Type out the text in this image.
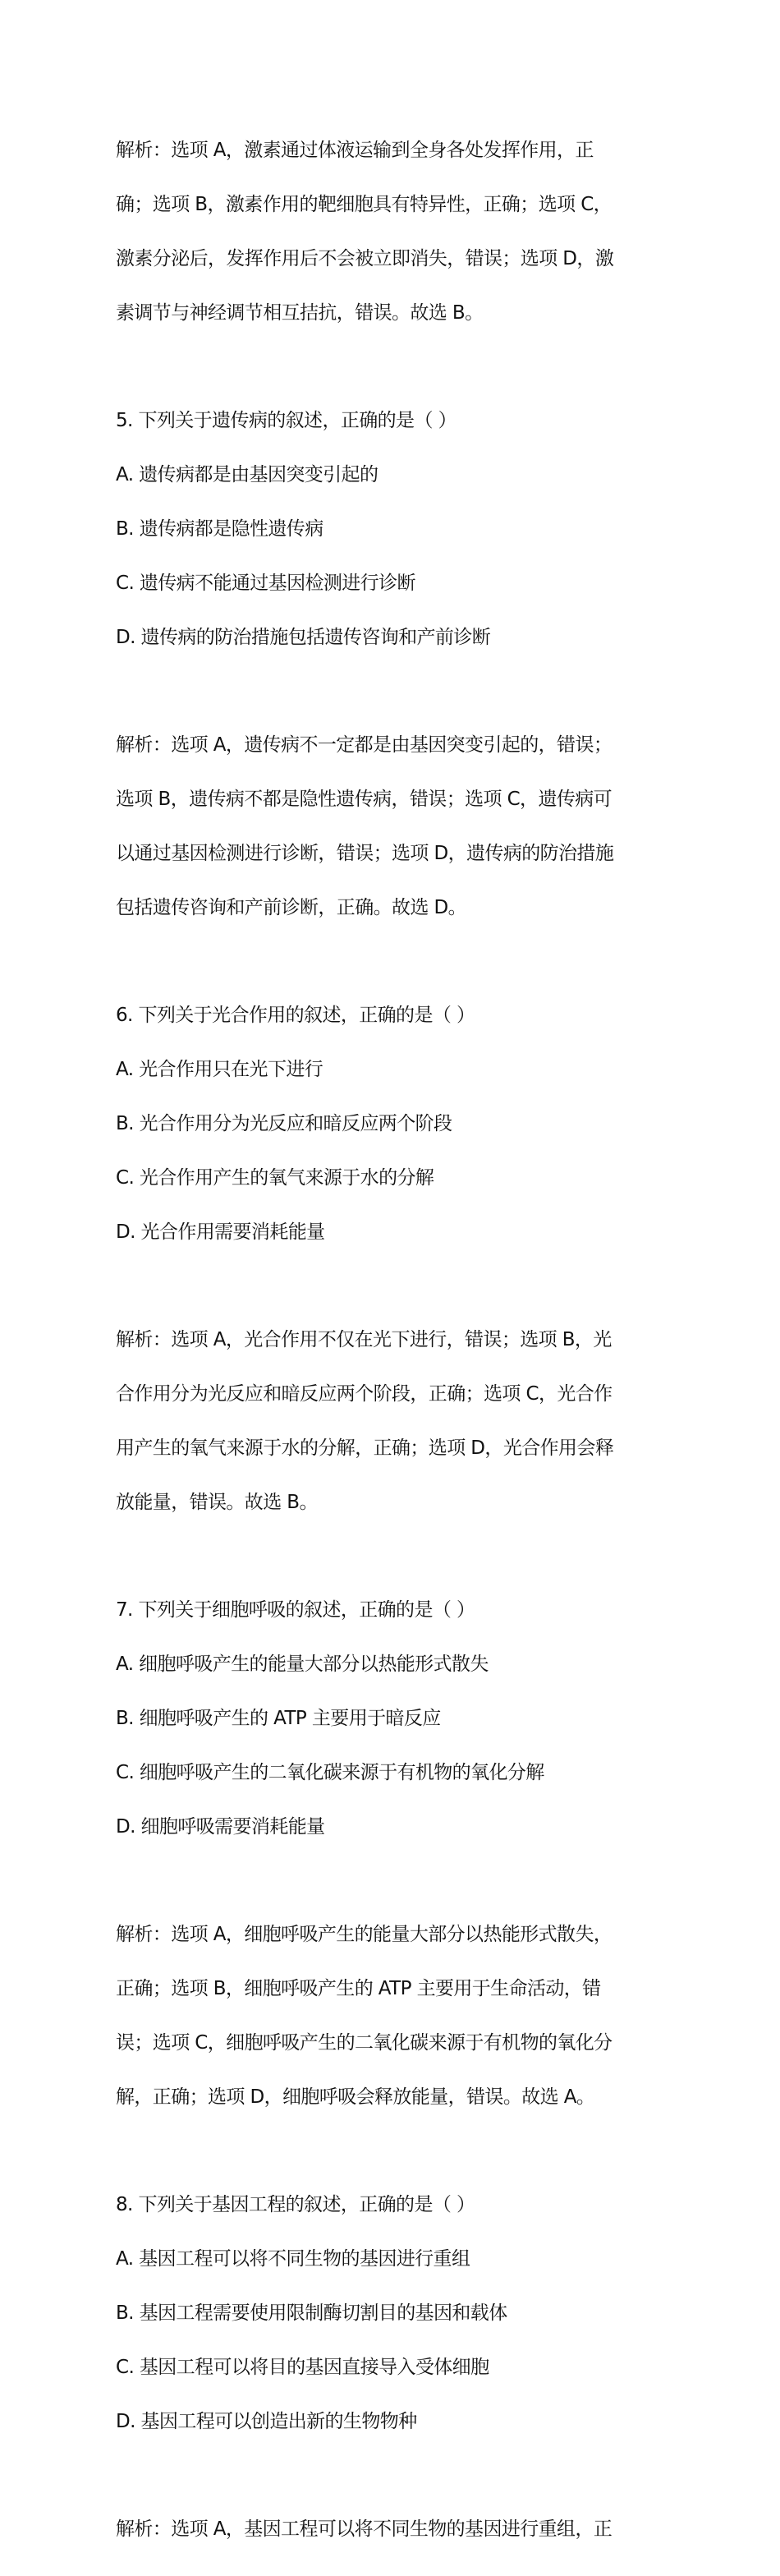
解析：选项 A，激素通过体液运输到全身各处发挥作用，正

确；选项 B，激素作用的靶细胞具有特异性，正确；选项 C，

激素分泌后，发挥作用后不会被立即消失，错误；选项 D，激

素调节与神经调节相互拮抗，错误。故选 B。

5. 下列关于遗传病的叙述，正确的是（ ）

A. 遗传病都是由基因突变引起的

B. 遗传病都是隐性遗传病

C. 遗传病不能通过基因检测进行诊断

D. 遗传病的防治措施包括遗传咨询和产前诊断

解析：选项 A，遗传病不一定都是由基因突变引起的，错误；

选项 B，遗传病不都是隐性遗传病，错误；选项 C，遗传病可

以通过基因检测进行诊断，错误；选项 D，遗传病的防治措施

包括遗传咨询和产前诊断，正确。故选 D。

6. 下列关于光合作用的叙述，正确的是（ ）

A. 光合作用只在光下进行

B. 光合作用分为光反应和暗反应两个阶段

C. 光合作用产生的氧气来源于水的分解

D. 光合作用需要消耗能量

解析：选项 A，光合作用不仅在光下进行，错误；选项 B，光

合作用分为光反应和暗反应两个阶段，正确；选项 C，光合作

用产生的氧气来源于水的分解，正确；选项 D，光合作用会释

放能量，错误。故选 B。

7. 下列关于细胞呼吸的叙述，正确的是（ ）

A. 细胞呼吸产生的能量大部分以热能形式散失

B. 细胞呼吸产生的 ATP 主要用于暗反应

C. 细胞呼吸产生的二氧化碳来源于有机物的氧化分解

D. 细胞呼吸需要消耗能量

解析：选项 A，细胞呼吸产生的能量大部分以热能形式散失，

正确；选项 B，细胞呼吸产生的 ATP 主要用于生命活动，错

误；选项 C，细胞呼吸产生的二氧化碳来源于有机物的氧化分

解，正确；选项 D，细胞呼吸会释放能量，错误。故选 A。

8. 下列关于基因工程的叙述，正确的是（ ）

A. 基因工程可以将不同生物的基因进行重组

B. 基因工程需要使用限制酶切割目的基因和载体

C. 基因工程可以将目的基因直接导入受体细胞

D. 基因工程可以创造出新的生物物种

解析：选项 A，基因工程可以将不同生物的基因进行重组，正
